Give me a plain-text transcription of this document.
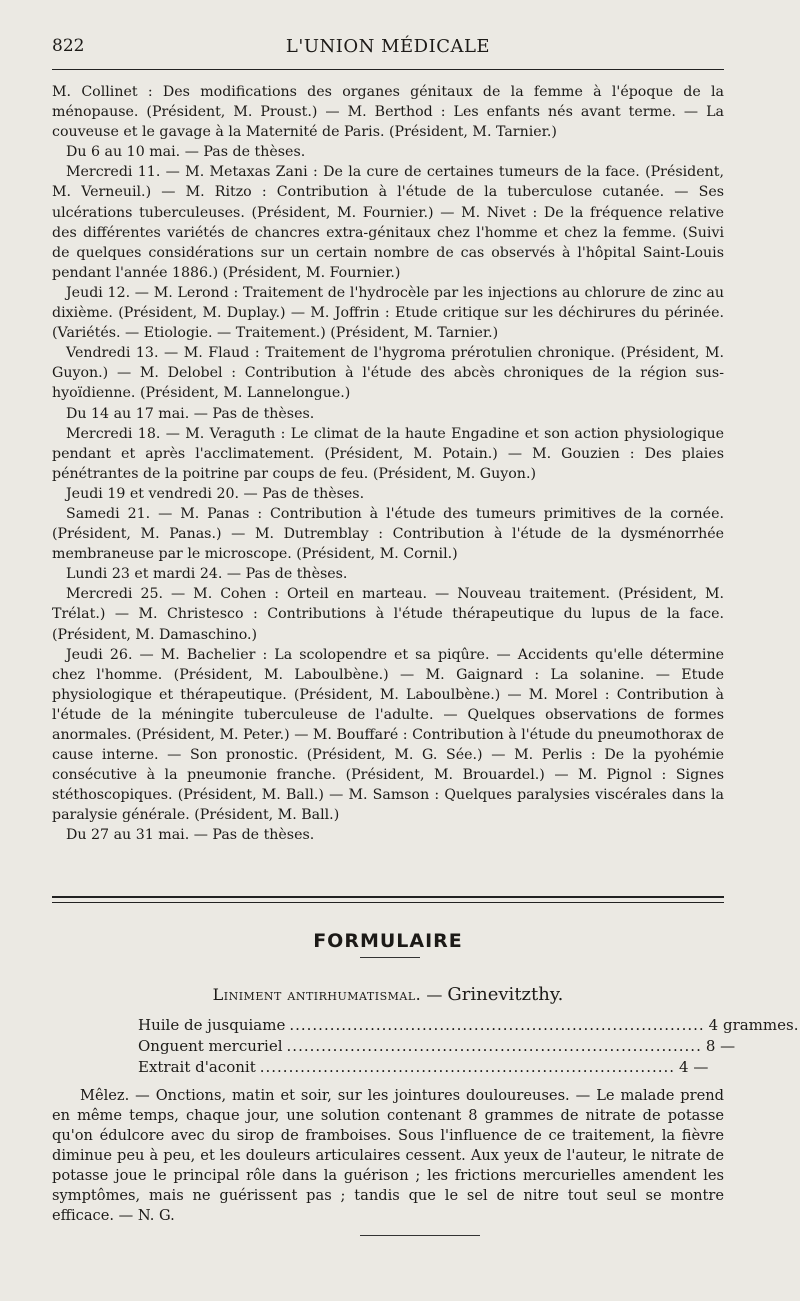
822	L'UNION MÉDICALE

M. Collinet : Des modifications des organes génitaux de la femme à l'époque de la ménopause. (Président, M. Proust.) — M. Berthod : Les enfants nés avant terme. — La couveuse et le gavage à la Maternité de Paris. (Président, M. Tarnier.)

Du 6 au 10 mai. — Pas de thèses.

Mercredi 11. — M. Metaxas Zani : De la cure de certaines tumeurs de la face. (Président, M. Verneuil.) — M. Ritzo : Contribution à l'étude de la tuberculose cutanée. — Ses ulcérations tuberculeuses. (Président, M. Fournier.) — M. Nivet : De la fréquence relative des différentes variétés de chancres extra-génitaux chez l'homme et chez la femme. (Suivi de quelques considérations sur un certain nombre de cas observés à l'hôpital Saint-Louis pendant l'année 1886.) (Président, M. Fournier.)

Jeudi 12. — M. Lerond : Traitement de l'hydrocèle par les injections au chlorure de zinc au dixième. (Président, M. Duplay.) — M. Joffrin : Etude critique sur les déchirures du périnée. (Variétés. — Etiologie. — Traitement.) (Président, M. Tarnier.)

Vendredi 13. — M. Flaud : Traitement de l'hygroma prérotulien chronique. (Président, M. Guyon.) — M. Delobel : Contribution à l'étude des abcès chroniques de la région sus-hyoïdienne. (Président, M. Lannelongue.)

Du 14 au 17 mai. — Pas de thèses.

Mercredi 18. — M. Veraguth : Le climat de la haute Engadine et son action physiologique pendant et après l'acclimatement. (Président, M. Potain.) — M. Gouzien : Des plaies pénétrantes de la poitrine par coups de feu. (Président, M. Guyon.)

Jeudi 19 et vendredi 20. — Pas de thèses.

Samedi 21. — M. Panas : Contribution à l'étude des tumeurs primitives de la cornée. (Président, M. Panas.) — M. Dutremblay : Contribution à l'étude de la dysménorrhée membraneuse par le microscope. (Président, M. Cornil.)

Lundi 23 et mardi 24. — Pas de thèses.

Mercredi 25. — M. Cohen : Orteil en marteau. — Nouveau traitement. (Président, M. Trélat.) — M. Christesco : Contributions à l'étude thérapeutique du lupus de la face. (Président, M. Damaschino.)

Jeudi 26. — M. Bachelier : La scolopendre et sa piqûre. — Accidents qu'elle détermine chez l'homme. (Président, M. Laboulbène.) — M. Gaignard : La solanine. — Etude physiologique et thérapeutique. (Président, M. Laboulbène.) — M. Morel : Contribution à l'étude de la méningite tuberculeuse de l'adulte. — Quelques observations de formes anormales. (Président, M. Peter.) — M. Bouffaré : Contribution à l'étude du pneumothorax de cause interne. — Son pronostic. (Président, M. G. Sée.) — M. Perlis : De la pyohémie consécutive à la pneumonie franche. (Président, M. Brouardel.) — M. Pignol : Signes stéthoscopiques. (Président, M. Ball.) — M. Samson : Quelques paralysies viscérales dans la paralysie générale. (Président, M. Ball.)

Du 27 au 31 mai. — Pas de thèses.

FORMULAIRE
Liniment antirhumatismal. — Grinevitzthy.
Huile de jusquiame ........................................................................ 4 grammes.
Onguent mercuriel ........................................................................ 8 —
Extrait d'aconit ........................................................................ 4 —

Mêlez. — Onctions, matin et soir, sur les jointures douloureuses. — Le malade prend en même temps, chaque jour, une solution contenant 8 grammes de nitrate de potasse qu'on édulcore avec du sirop de framboises. Sous l'influence de ce traitement, la fièvre diminue peu à peu, et les douleurs articulaires cessent. Aux yeux de l'auteur, le nitrate de potasse joue le principal rôle dans la guérison ; les frictions mercurielles amendent les symptômes, mais ne guérissent pas ; tandis que le sel de nitre tout seul se montre efficace. — N. G.
